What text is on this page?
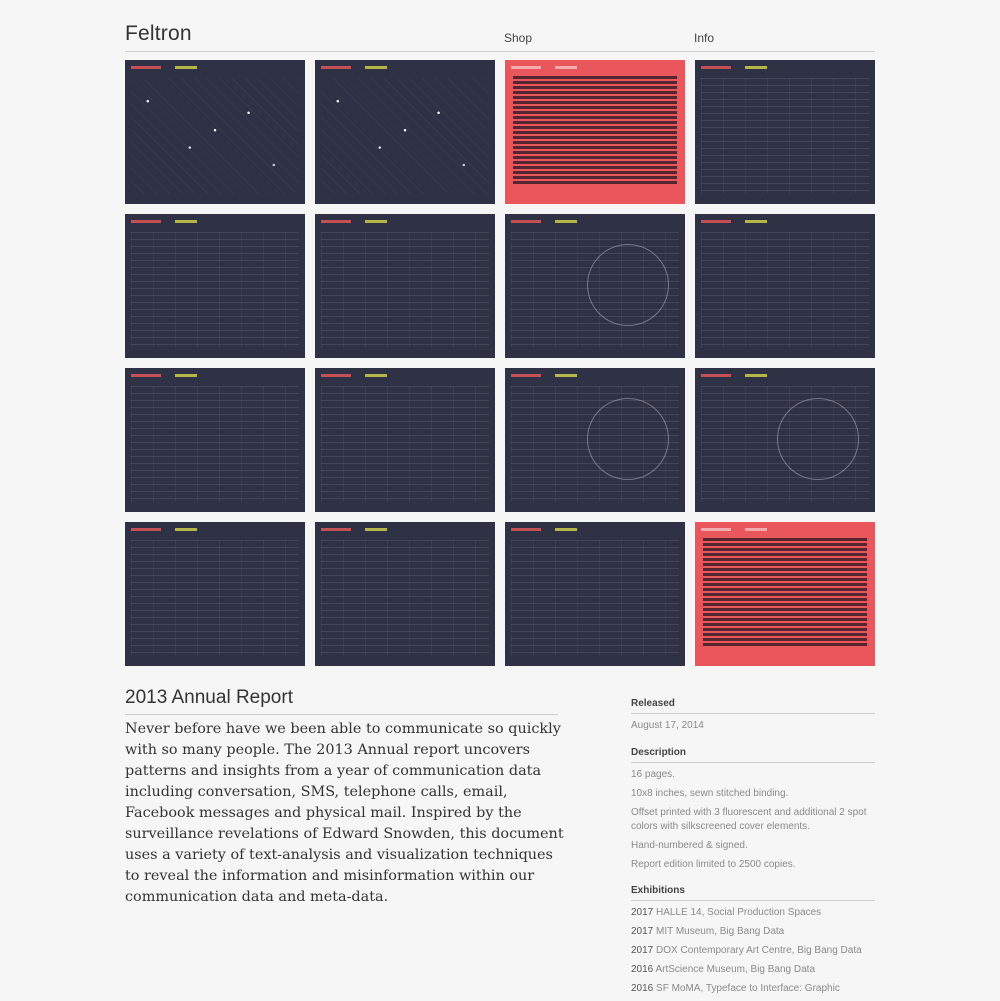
Feltron	Shop	Info
2013 Annual Report
Never before have we been able to communicate so quickly with so many people. The 2013 Annual report uncovers patterns and insights from a year of communication data including conversation, SMS, telephone calls, email, Facebook messages and physical mail. Inspired by the surveillance revelations of Edward Snowden, this document uses a variety of text-analysis and visualization techniques to reveal the information and misinformation within our communication data and meta-data.
Released
August 17, 2014
Description
16 pages.
10x8 inches, sewn stitched binding.
Offset printed with 3 fluorescent and additional 2 spot colors with silkscreened cover elements.
Hand-numbered & signed.
Report edition limited to 2500 copies.
Exhibitions
2017 HALLE 14, Social Production Spaces
2017 MIT Museum, Big Bang Data
2017 DOX Contemporary Art Centre, Big Bang Data
2016 ArtScience Museum, Big Bang Data
2016 SF MoMA, Typeface to Interface: Graphic
